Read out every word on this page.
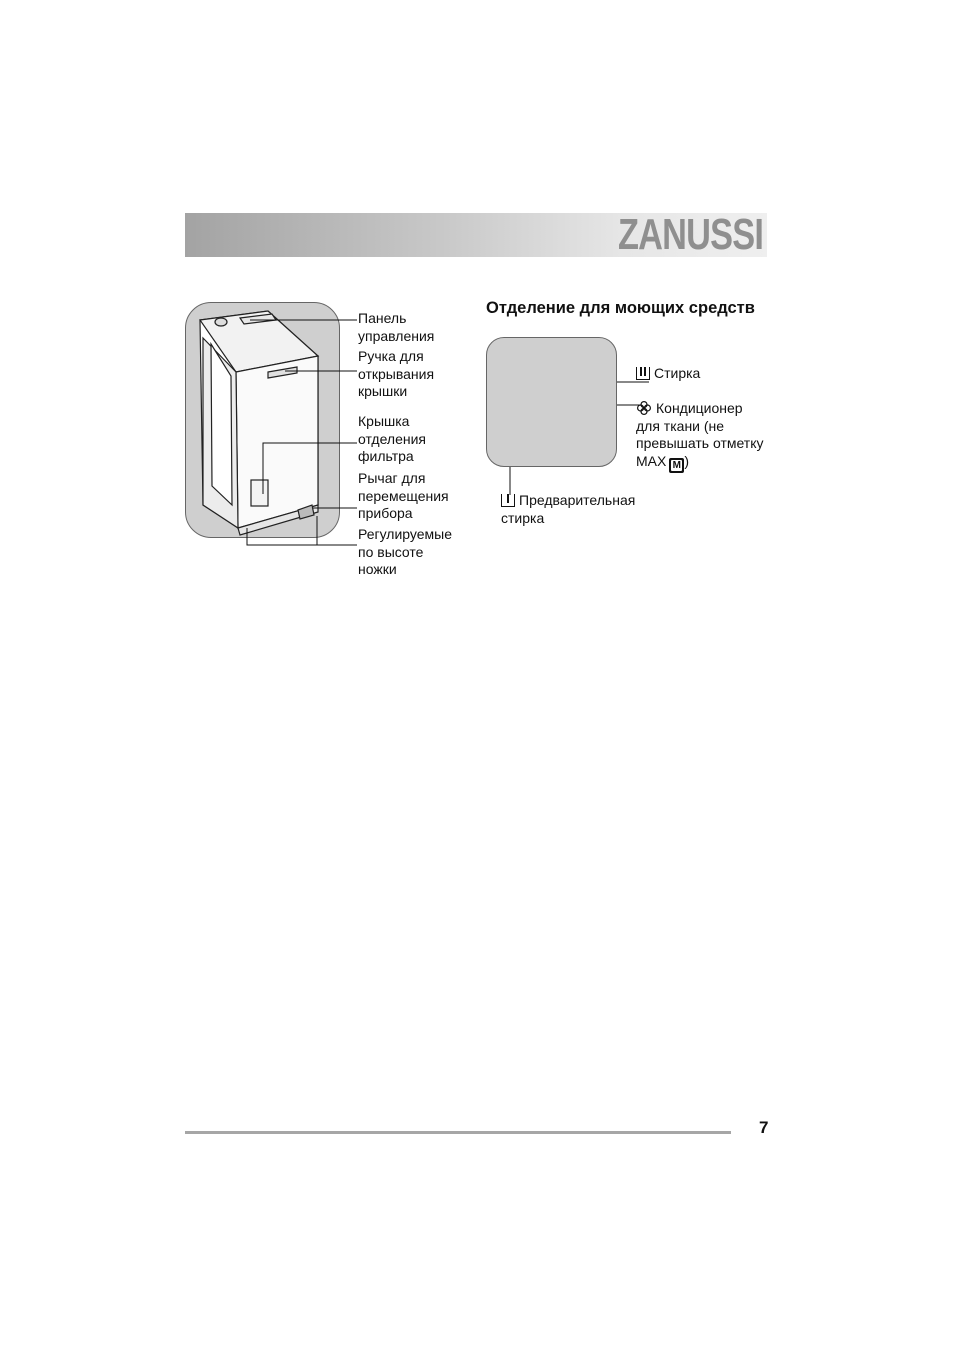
ZANUSSI
Панель
управления
Ручка для
открывания
крышки
Крышка
отделения
фильтра
Рычаг для
перемещения
прибора
Регулируемые
по высоте
ножки
Отделение для моющих средств
Стирка
Кондиционер
для ткани (не
превышать отметку
MAX M )
Предварительная
стирка
7
